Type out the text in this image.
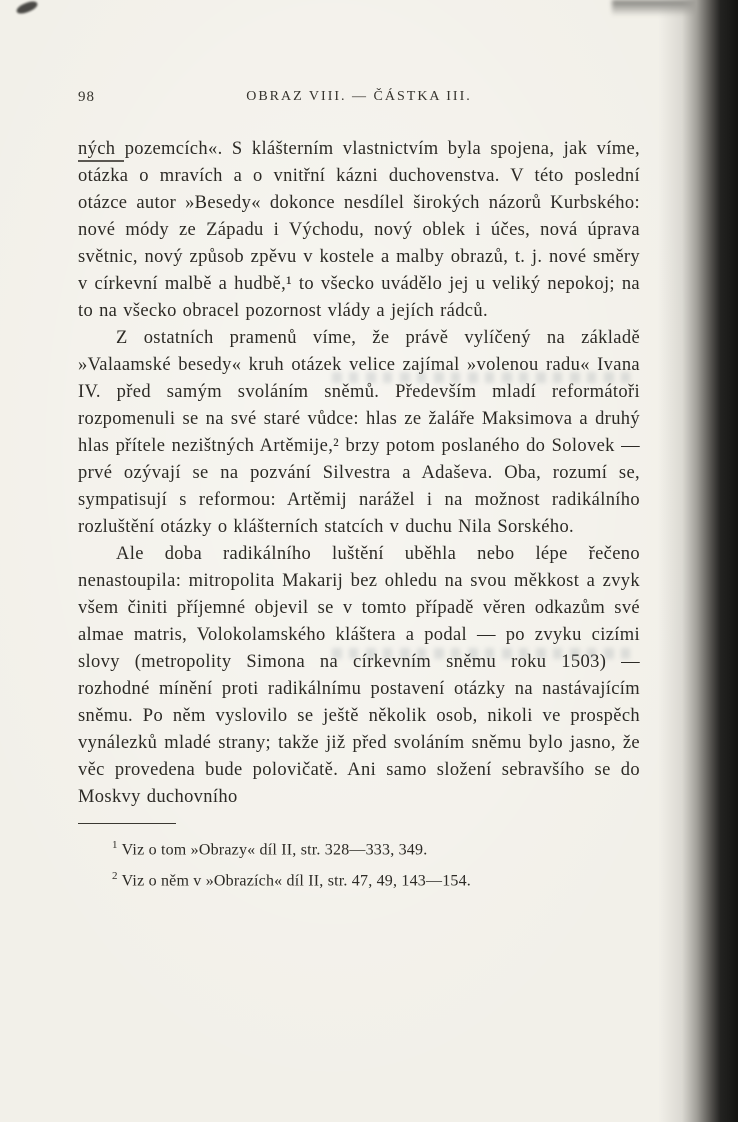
98	OBRAZ VIII. — ČÁSTKA III.

ných pozemcích«. S klášterním vlastnictvím byla spojena, jak víme, otázka o mravích a o vnitřní kázni duchovenstva. V této poslední otázce autor »Besedy« dokonce nesdílel širokých názorů Kurbského: nové módy ze Západu i Východu, nový oblek i účes, nová úprava světnic, nový způsob zpěvu v kostele a malby obrazů, t. j. nové směry v církevní malbě a hudbě,¹ to všecko uvádělo jej u veliký nepokoj; na to na všecko obracel pozornost vlády a jejích rádců.

Z ostatních pramenů víme, že právě vylíčený na základě »Valaamské besedy« kruh otázek velice zajímal »volenou radu« Ivana IV. před samým svoláním sněmů. Především mladí reformátoři rozpomenuli se na své staré vůdce: hlas ze žaláře Maksimova a druhý hlas přítele nezištných Artěmije,² brzy potom poslaného do Solovek — prvé ozývají se na pozvání Silvestra a Adaševa. Oba, rozumí se, sympatisují s reformou: Artěmij narážel i na možnost radikálního rozluštění otázky o klášterních statcích v duchu Nila Sorského.

Ale doba radikálního luštění uběhla nebo lépe řečeno nenastoupila: mitropolita Makarij bez ohledu na svou měkkost a zvyk všem činiti příjemné objevil se v tomto případě věren odkazům své almae matris, Volokolamského kláštera a podal — po zvyku cizími slovy (metropolity Simona na církevním sněmu roku 1503) — rozhodné mínění proti radikálnímu postavení otázky na nastávajícím sněmu. Po něm vyslovilo se ještě několik osob, nikoli ve prospěch vynálezků mladé strany; takže již před svoláním sněmu bylo jasno, že věc provedena bude polovičatě. Ani samo složení sebravšího se do Moskvy duchovního

$^1$ Viz o tom »Obrazy« díl II, str. 328—333, 349.

$^2$ Viz o něm v »Obrazích« díl II, str. 47, 49, 143—154.
